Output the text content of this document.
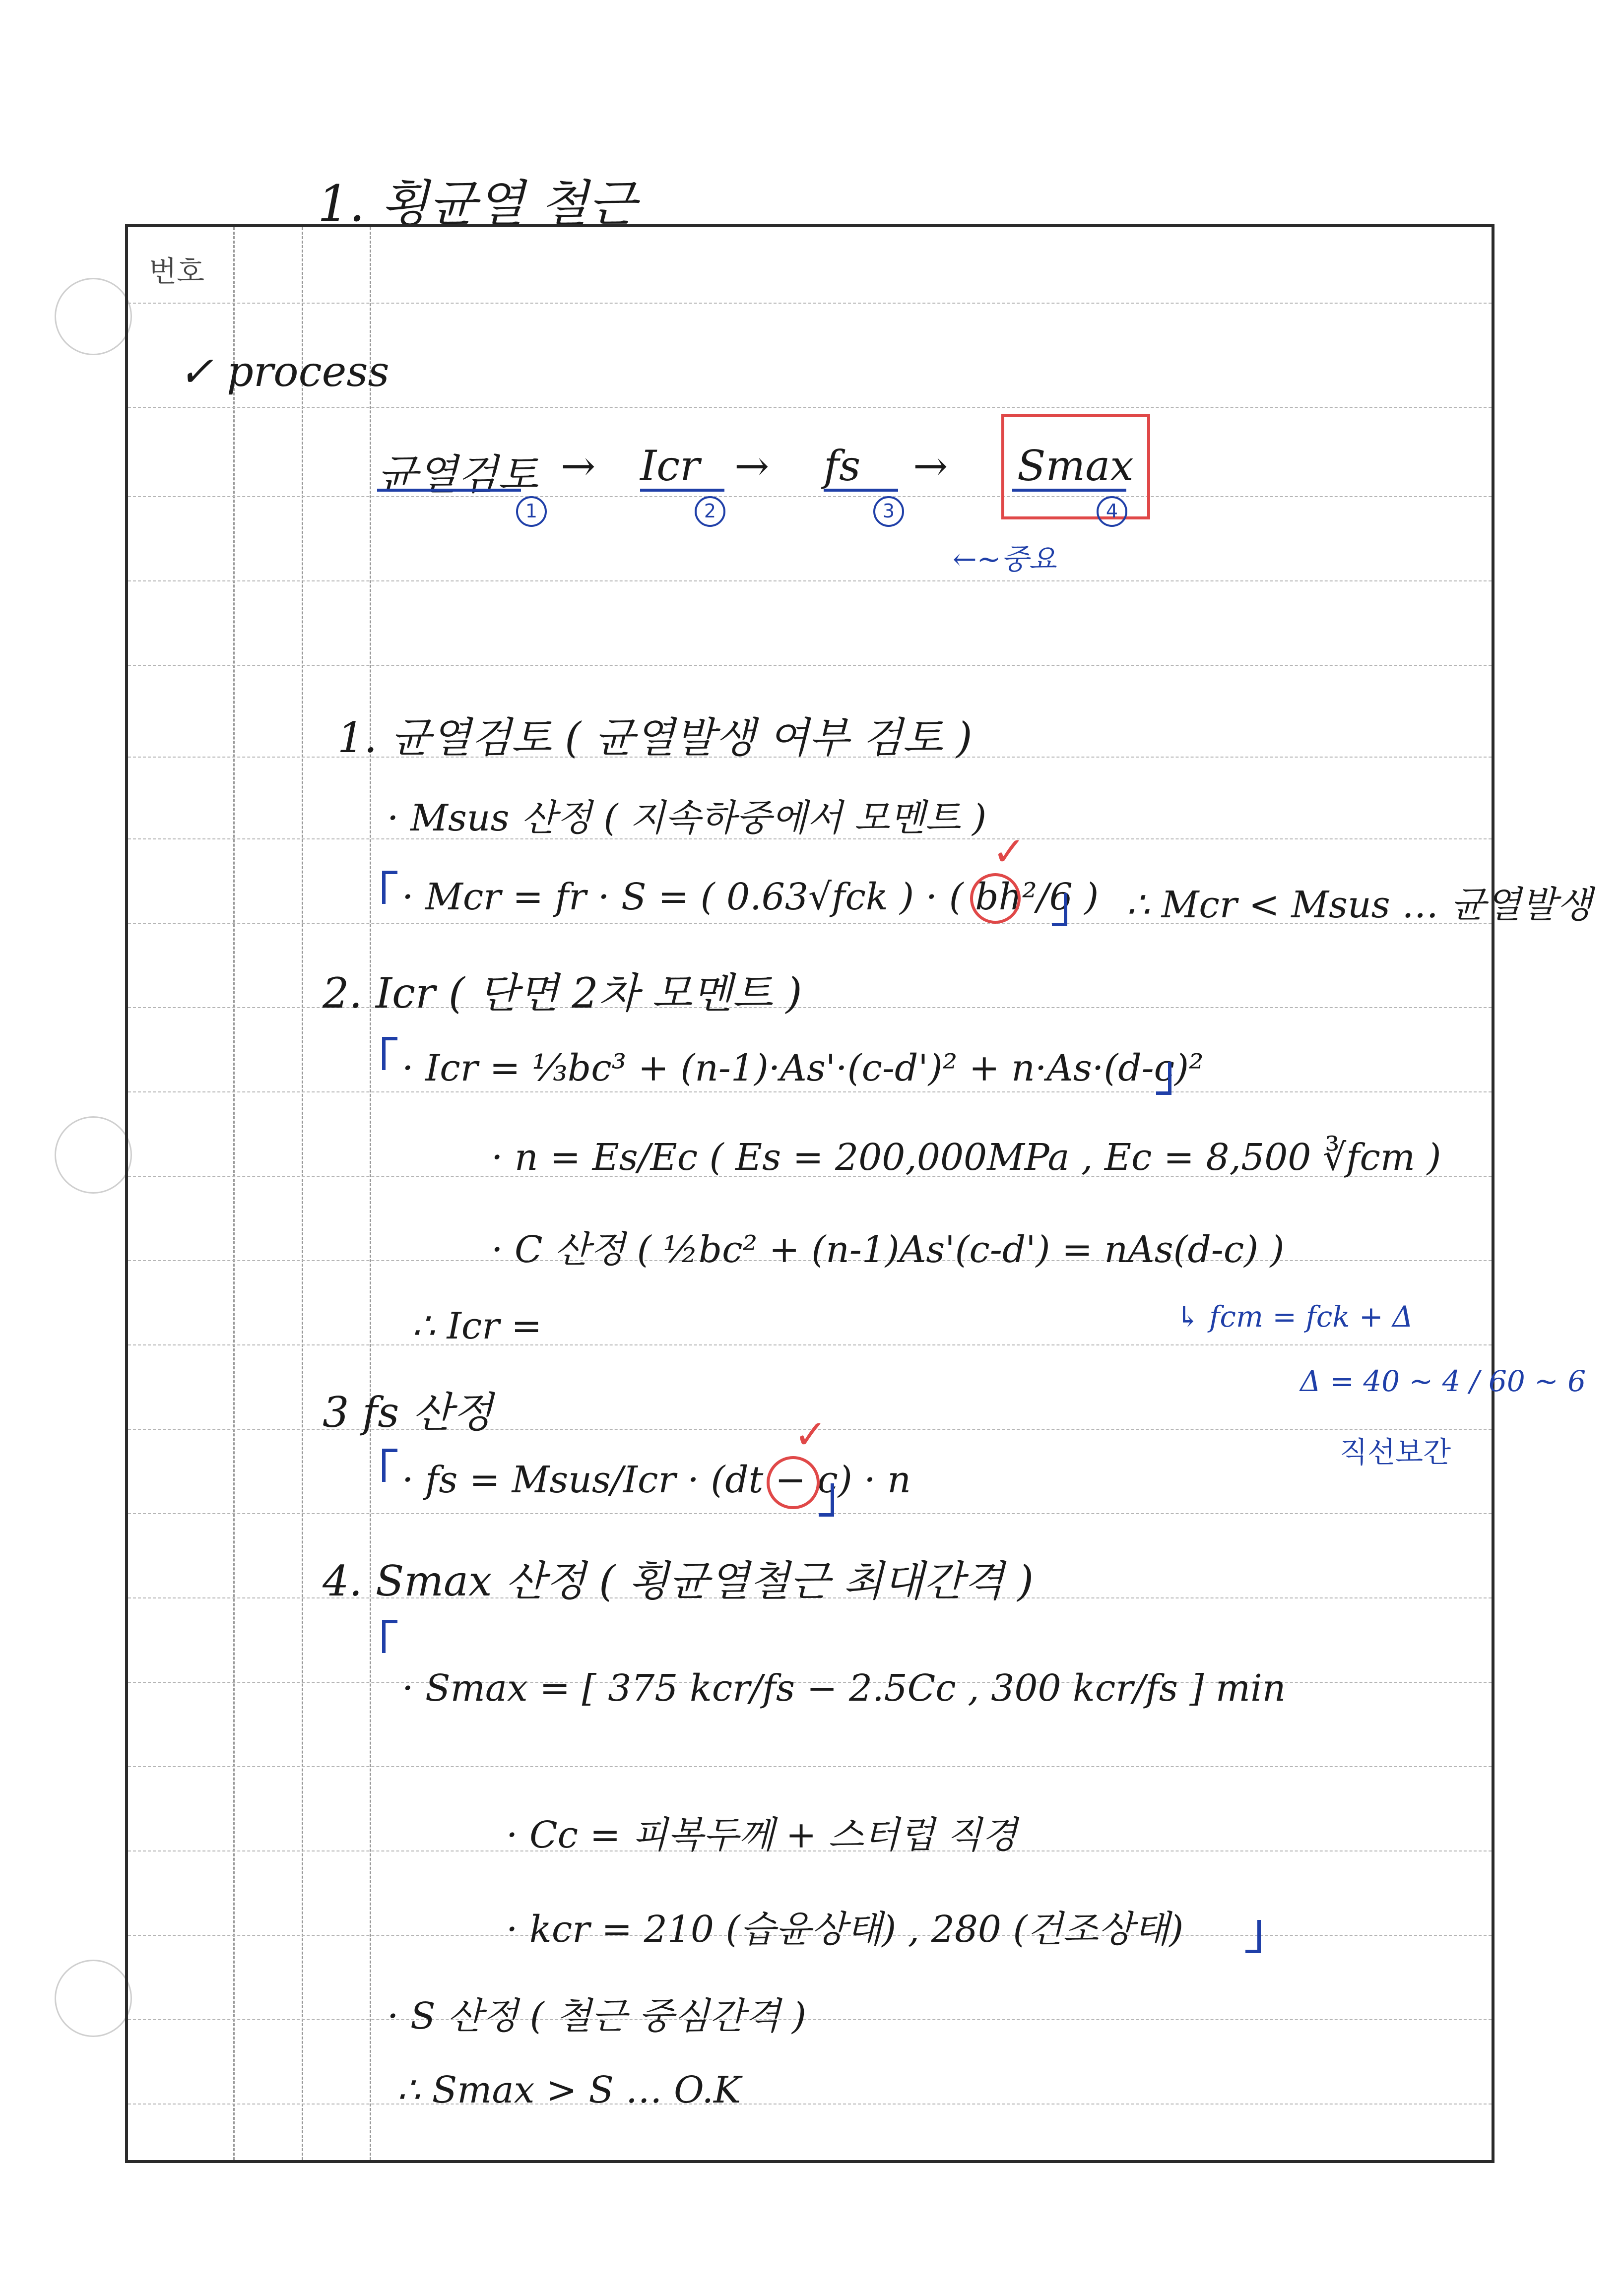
1. 횡균열 철근
번호
✓ process
균열검토
1
→ Icr
2
→ fs
3
→ Smax
4
←~중요
1. 균열검토 ( 균열발생 여부 검토 )
· Msus 산정 ( 지속하중에서 모멘트 )
· Mcr = fr · S = ( 0.63√fck ) · ( bh²/6 )
✓
∴ Mcr < Msus … 균열발생
2. Icr ( 단면 2차 모멘트 )
· Icr = ⅓bc³ + (n-1)·As'·(c-d')² + n·As·(d-c)²
· n = Es/Ec ( Es = 200,000MPa , Ec = 8,500 ∛fcm )
· C 산정 ( ½bc² + (n-1)As'(c-d') = nAs(d-c) )
∴ Icr =	↳ fcm = fck + Δ
Δ = 40 ~ 4 / 60 ~ 6
직선보간
3 fs 산정
· fs = Msus/Icr · (dt − c) · n
✓
4. Smax 산정 ( 횡균열철근 최대간격 )
· Smax = [ 375 kcr/fs − 2.5Cc , 300 kcr/fs ] min
· Cc = 피복두께 + 스터럽 직경
· kcr = 210 (습윤상태) , 280 (건조상태)
· S 산정 ( 철근 중심간격 )
∴ Smax > S … O.K
